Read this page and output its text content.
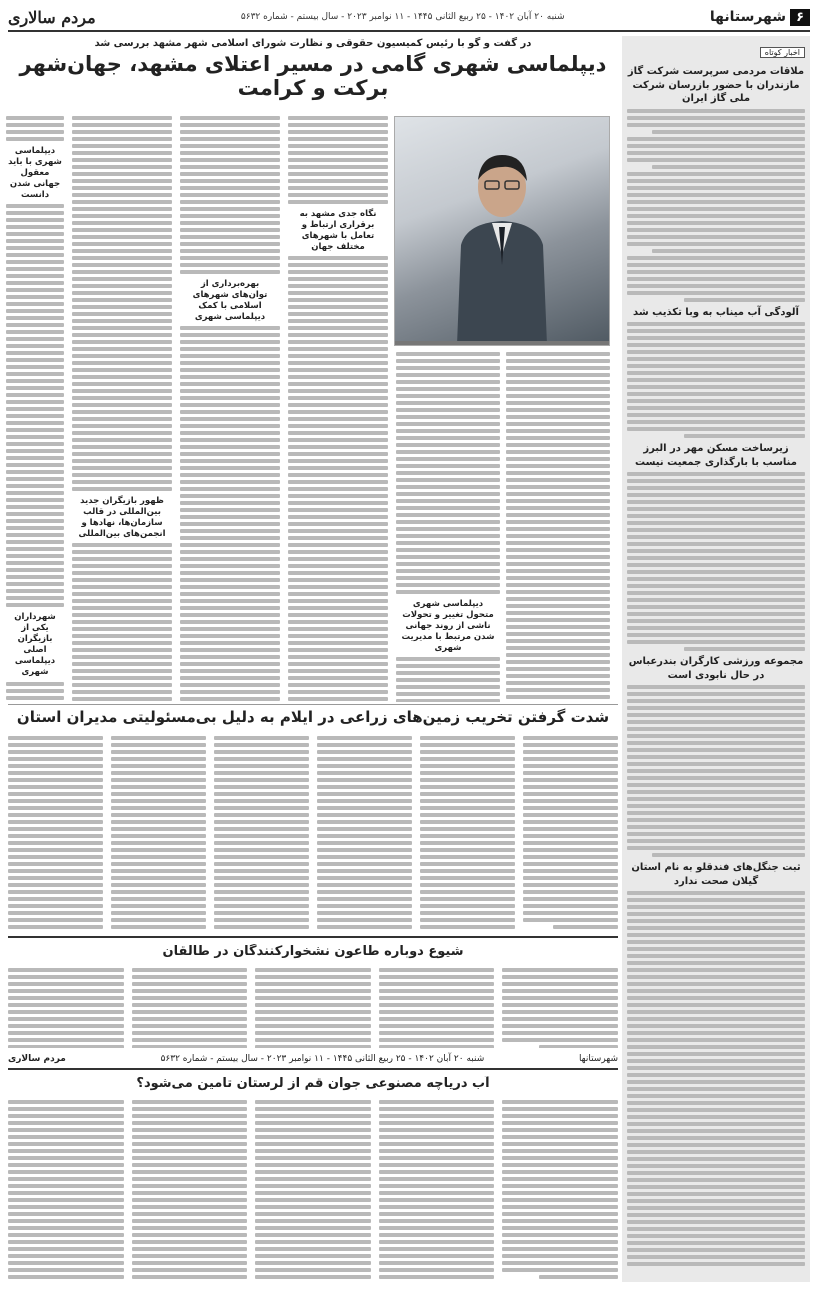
۶
شهرستانها
شنبه ۲۰ آبان ۱۴۰۲ - ۲۵ ربیع الثانی ۱۴۴۵ - ۱۱ نوامبر ۲۰۲۳ - سال بیستم - شماره ۵۶۳۲
مردم سالاری
اخبار کوتاه
ملاقات مردمی سرپرست شرکت گاز مازندران با حضور بازرسان شرکت ملی گاز ایران
آلودگی آب میناب به وبا تکذیب شد
زیرساخت مسکن مهر در البرز مناسب با بارگذاری جمعیت نیست
مجموعه ورزشی کارگران بندرعباس در حال نابودی است
ثبت جنگل‌های فندقلو به نام استان گیلان صحت ندارد
در گفت و گو با رئیس کمیسیون حقوقی و نظارت شورای اسلامی شهر مشهد بررسی شد
دیپلماسی شهری گامی در مسیر اعتلای مشهد، جهان‌شهر برکت و کرامت
دیپلماسی شهری متحول تغییر و تحولات ناشی از روند جهانی شدن مرتبط با مدیریت شهری
نگاه جدی مشهد به برقراری ارتباط و تعامل با شهرهای مختلف جهان
بهره‌برداری از توان‌های شهرهای اسلامی با کمک دیپلماسی شهری
ظهور بازیگران جدید بین‌المللی در قالب سازمان‌ها، نهادها و انجمن‌های بین‌المللی
دیپلماسی شهری با باید معقول جهانی شدن دانست
شهرداران یکی از بازیگران اصلی دیپلماسی شهری
شدت گرفتن تخریب زمین‌های زراعی در ایلام به دلیل بی‌مسئولیتی مدیران استان
شیوع دوباره طاعون نشخوارکنندگان در طالقان
شهرستانها
شنبه ۲۰ آبان ۱۴۰۲ - ۲۵ ربیع الثانی ۱۴۴۵ - ۱۱ نوامبر ۲۰۲۳ - سال بیستم - شماره ۵۶۳۲
مردم سالاری
آب دریاچه مصنوعی جوان قم از لرستان تامین می‌شود؟
